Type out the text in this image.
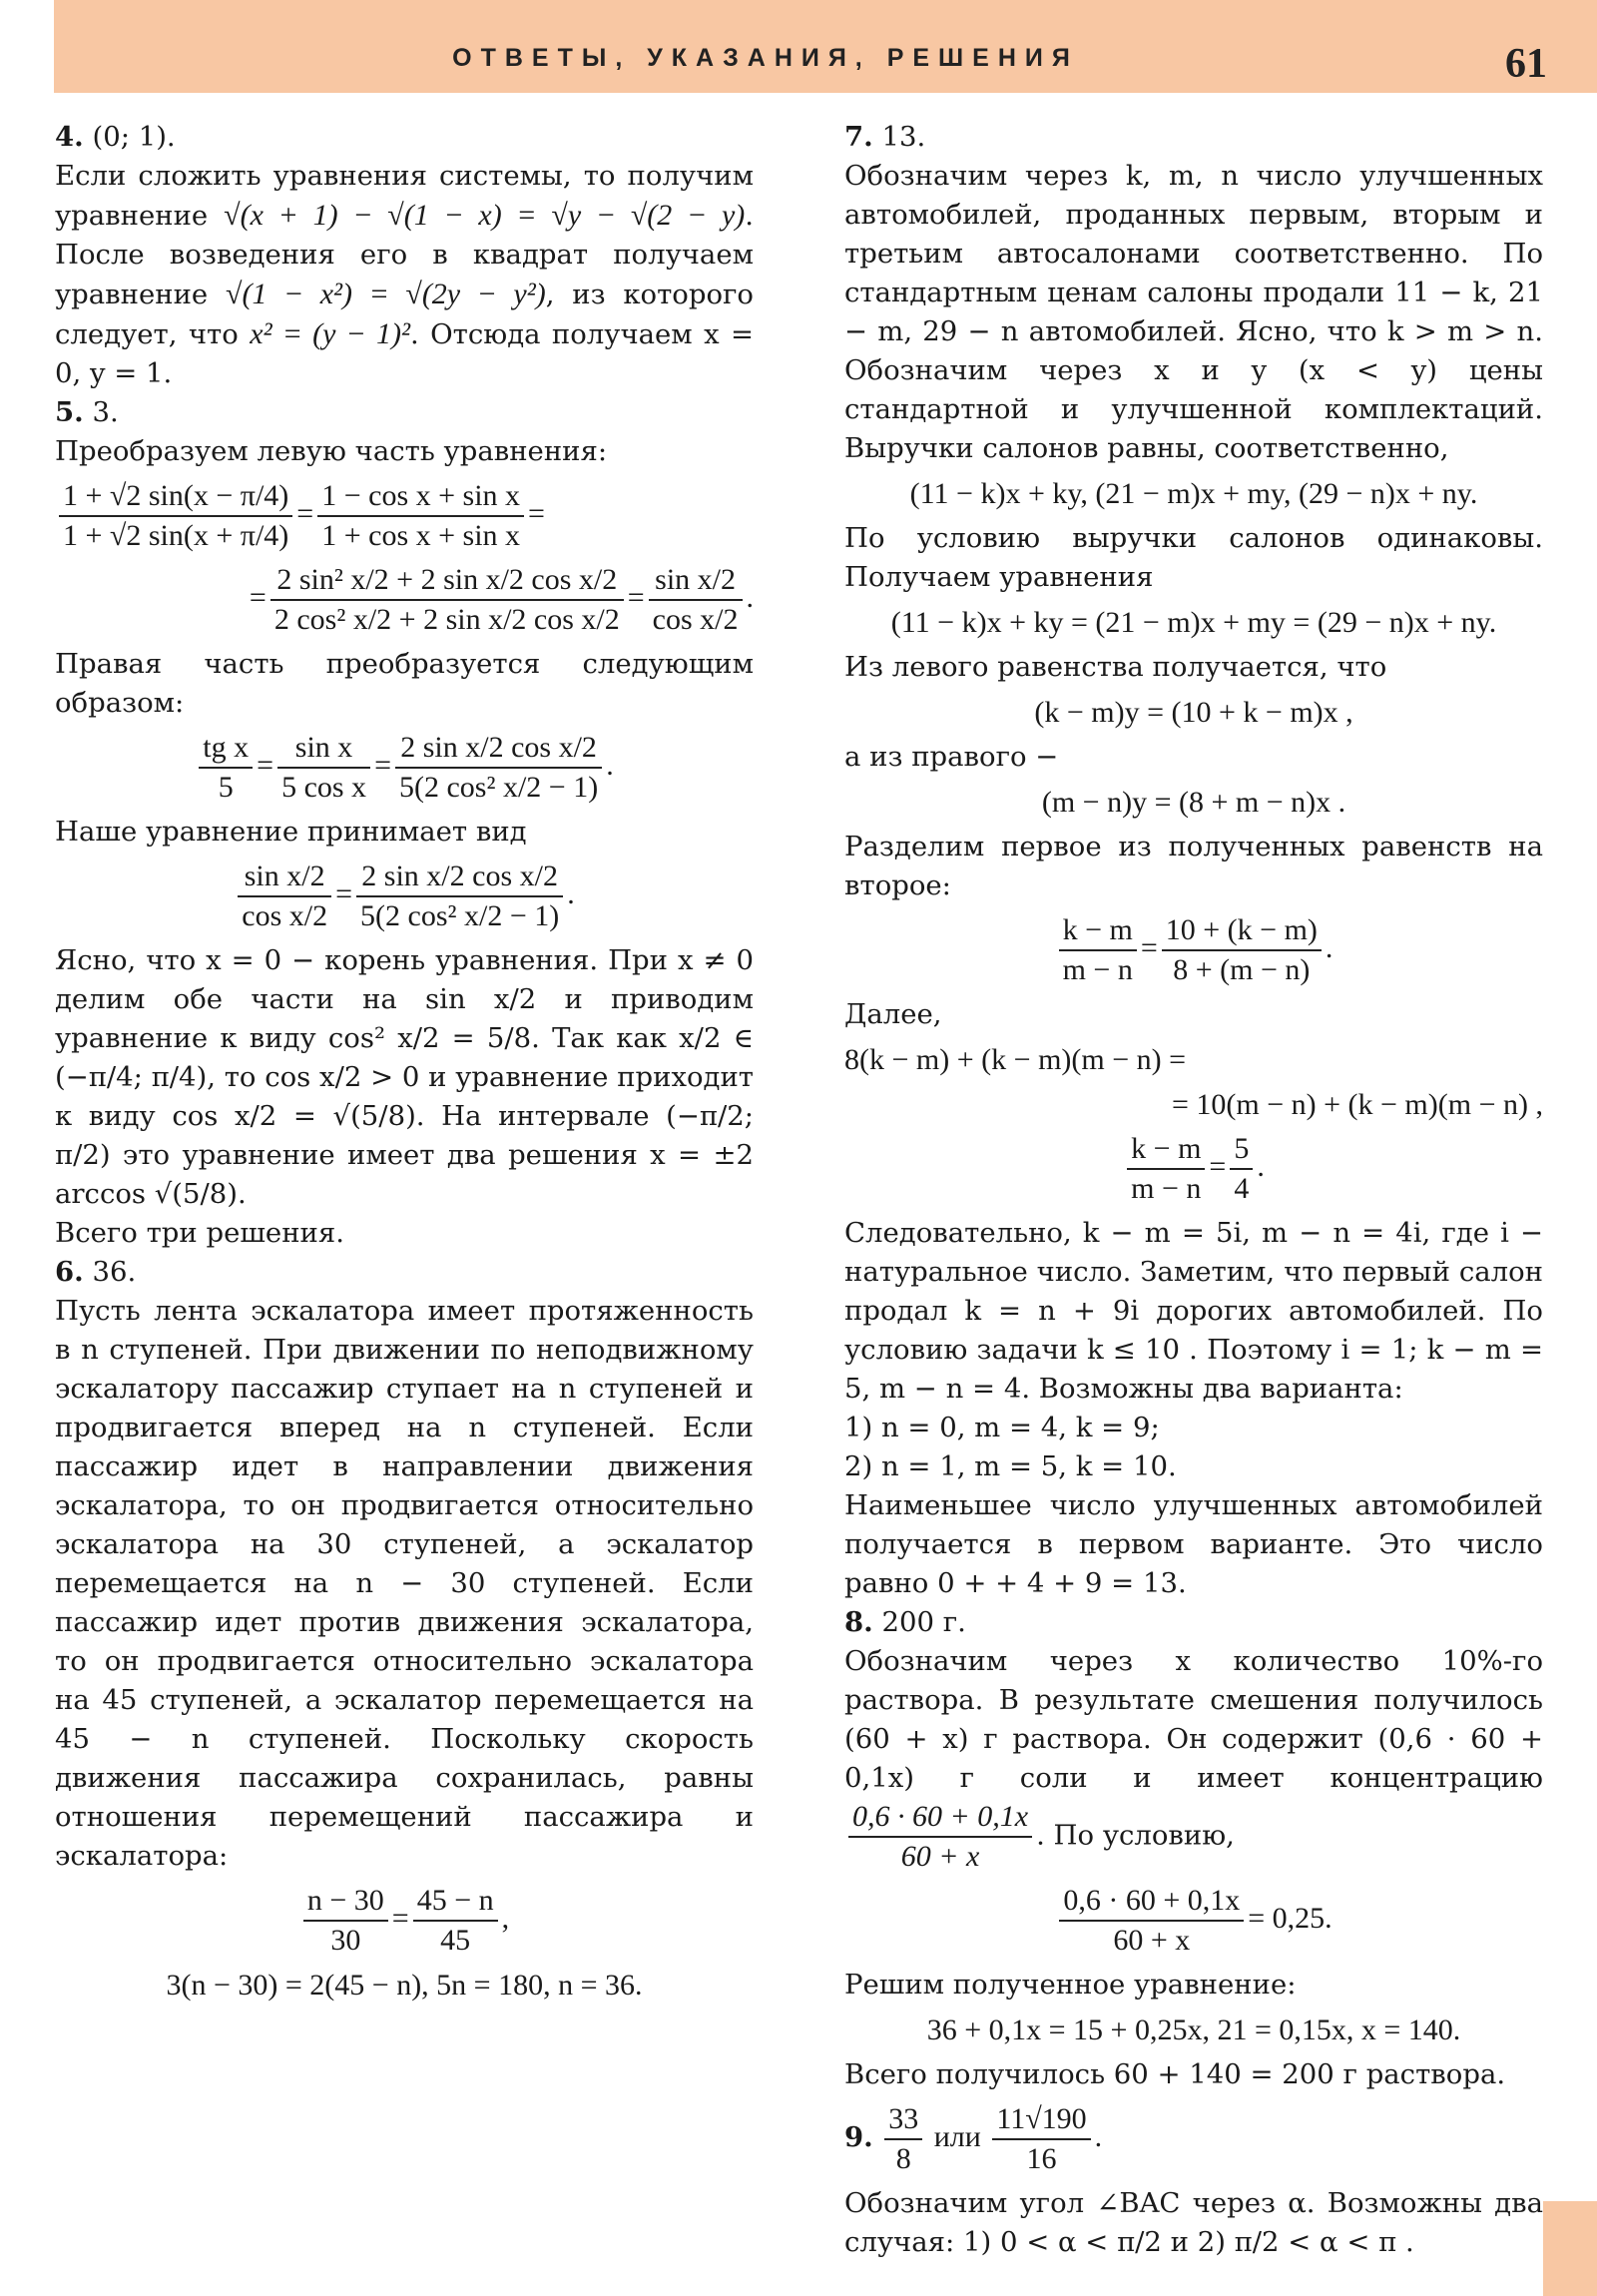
ОТВЕТЫ, УКАЗАНИЯ, РЕШЕНИЯ	61
4. (0; 1).
Если сложить уравнения системы, то получим уравнение √(x + 1) − √(1 − x) = √y − √(2 − y). После возведения его в квадрат получаем уравнение √(1 − x²) = √(2y − y²), из которого следует, что x² = (y − 1)². Отсюда получаем x = 0, y = 1.
5. 3.
Преобразуем левую часть уравнения:
$\frac{1 + √2 \sin(x - \pi/4)}{1 + √2 \sin(x + \pi/4)} = \frac{\text{1 − cos x + sin x}}{\text{1 + cos x + sin x}}$ =
= $\frac{\text{2 sin² x/2 + 2 sin x/2 cos x/2}}{\text{2 cos² x/2 + 2 sin x/2 cos x/2}} = \frac{\text{sin x/2}}{\text{cos x/2}}$ .
Правая часть преобразуется следующим образом:
$\frac{\text{tg x}}{5} = \frac{\text{sin x}}{\text{5 cos x}} = \frac{\text{2 sin x/2 cos x/2}}{\text{5(2 cos² x/2 − 1)}}$ .
Наше уравнение принимает вид
$\frac{\text{sin x/2}}{\text{cos x/2}} = \frac{\text{2 sin x/2 cos x/2}}{\text{5(2 cos² x/2 − 1)}}$ .
Ясно, что x = 0 − корень уравнения. При x ≠ 0 делим обе части на sin x/2 и приводим уравнение к виду cos² x/2 = 5/8. Так как x/2 ∈ (−π/4; π/4), то cos x/2 > 0 и уравнение приходит к виду cos x/2 = √(5/8). На интервале (−π/2; π/2) это уравнение имеет два решения x = ±2 arccos √(5/8).
Всего три решения.
6. 36.
Пусть лента эскалатора имеет протяженность в n ступеней. При движении по неподвижному эскалатору пассажир ступает на n ступеней и продвигается вперед на n ступеней. Если пассажир идет в направлении движения эскалатора, то он продвигается относительно эскалатора на 30 ступеней, а эскалатор перемещается на n − 30 ступеней. Если пассажир идет против движения эскалатора, то он продвигается относительно эскалатора на 45 ступеней, а эскалатор перемещается на 45 − n ступеней. Поскольку скорость движения пассажира сохранилась, равны отношения перемещений пассажира и эскалатора:
$\frac{n - 30}{30} = \frac{45 - n}{45}$ ,
3(n − 30) = 2(45 − n), 5n = 180, n = 36.
7. 13.
Обозначим через k, m, n число улучшенных автомобилей, проданных первым, вторым и третьим автосалонами соответственно. По стандартным ценам салоны продали 11 − k, 21 − m, 29 − n автомобилей. Ясно, что k > m > n. Обозначим через x и y (x < y) цены стандартной и улучшенной комплектаций. Выручки салонов равны, соответственно,
(11 − k)x + ky, (21 − m)x + my, (29 − n)x + ny.
По условию выручки салонов одинаковы. Получаем уравнения
(11 − k)x + ky = (21 − m)x + my = (29 − n)x + ny.
Из левого равенства получается, что
(k − m)y = (10 + k − m)x ,
а из правого −
(m − n)y = (8 + m − n)x .
Разделим первое из полученных равенств на второе:
$\frac{k - m}{m - n} = \frac{10 + (k - m)}{8 + (m - n)}$ .
Далее,
8(k − m) + (k − m)(m − n) =
= 10(m − n) + (k − m)(m − n) ,
$\frac{k - m}{m - n} = \frac{5}{4}$ .
Следовательно, k − m = 5i, m − n = 4i, где i − натуральное число. Заметим, что первый салон продал k = n + 9i дорогих автомобилей. По условию задачи k ≤ 10 . Поэтому i = 1; k − m = 5, m − n = 4. Возможны два варианта:
1) n = 0, m = 4, k = 9;
2) n = 1, m = 5, k = 10.
Наименьшее число улучшенных автомобилей получается в первом варианте. Это число равно 0 + + 4 + 9 = 13.
8. 200 г.
Обозначим через x количество 10%-го раствора. В результате смешения получилось (60 + x) г раствора. Он содержит (0,6 · 60 + 0,1x) г соли и имеет концентрацию
$\frac{0,6 \cdot 60 + 0,1x}{60 + x}$ . По условию,
$\frac{0,6 \cdot 60 + 0,1x}{60 + x} = 0,25$.
Решим полученное уравнение:
36 + 0,1x = 15 + 0,25x, 21 = 0,15x, x = 140.
Всего получилось 60 + 140 = 200 г раствора.
9. $\frac{33}{8}$ или $\frac{11√190}{16}$ .
Обозначим угол ∠BAC через α. Возможны два случая: 1) 0 < α < π/2 и 2) π/2 < α < π .
